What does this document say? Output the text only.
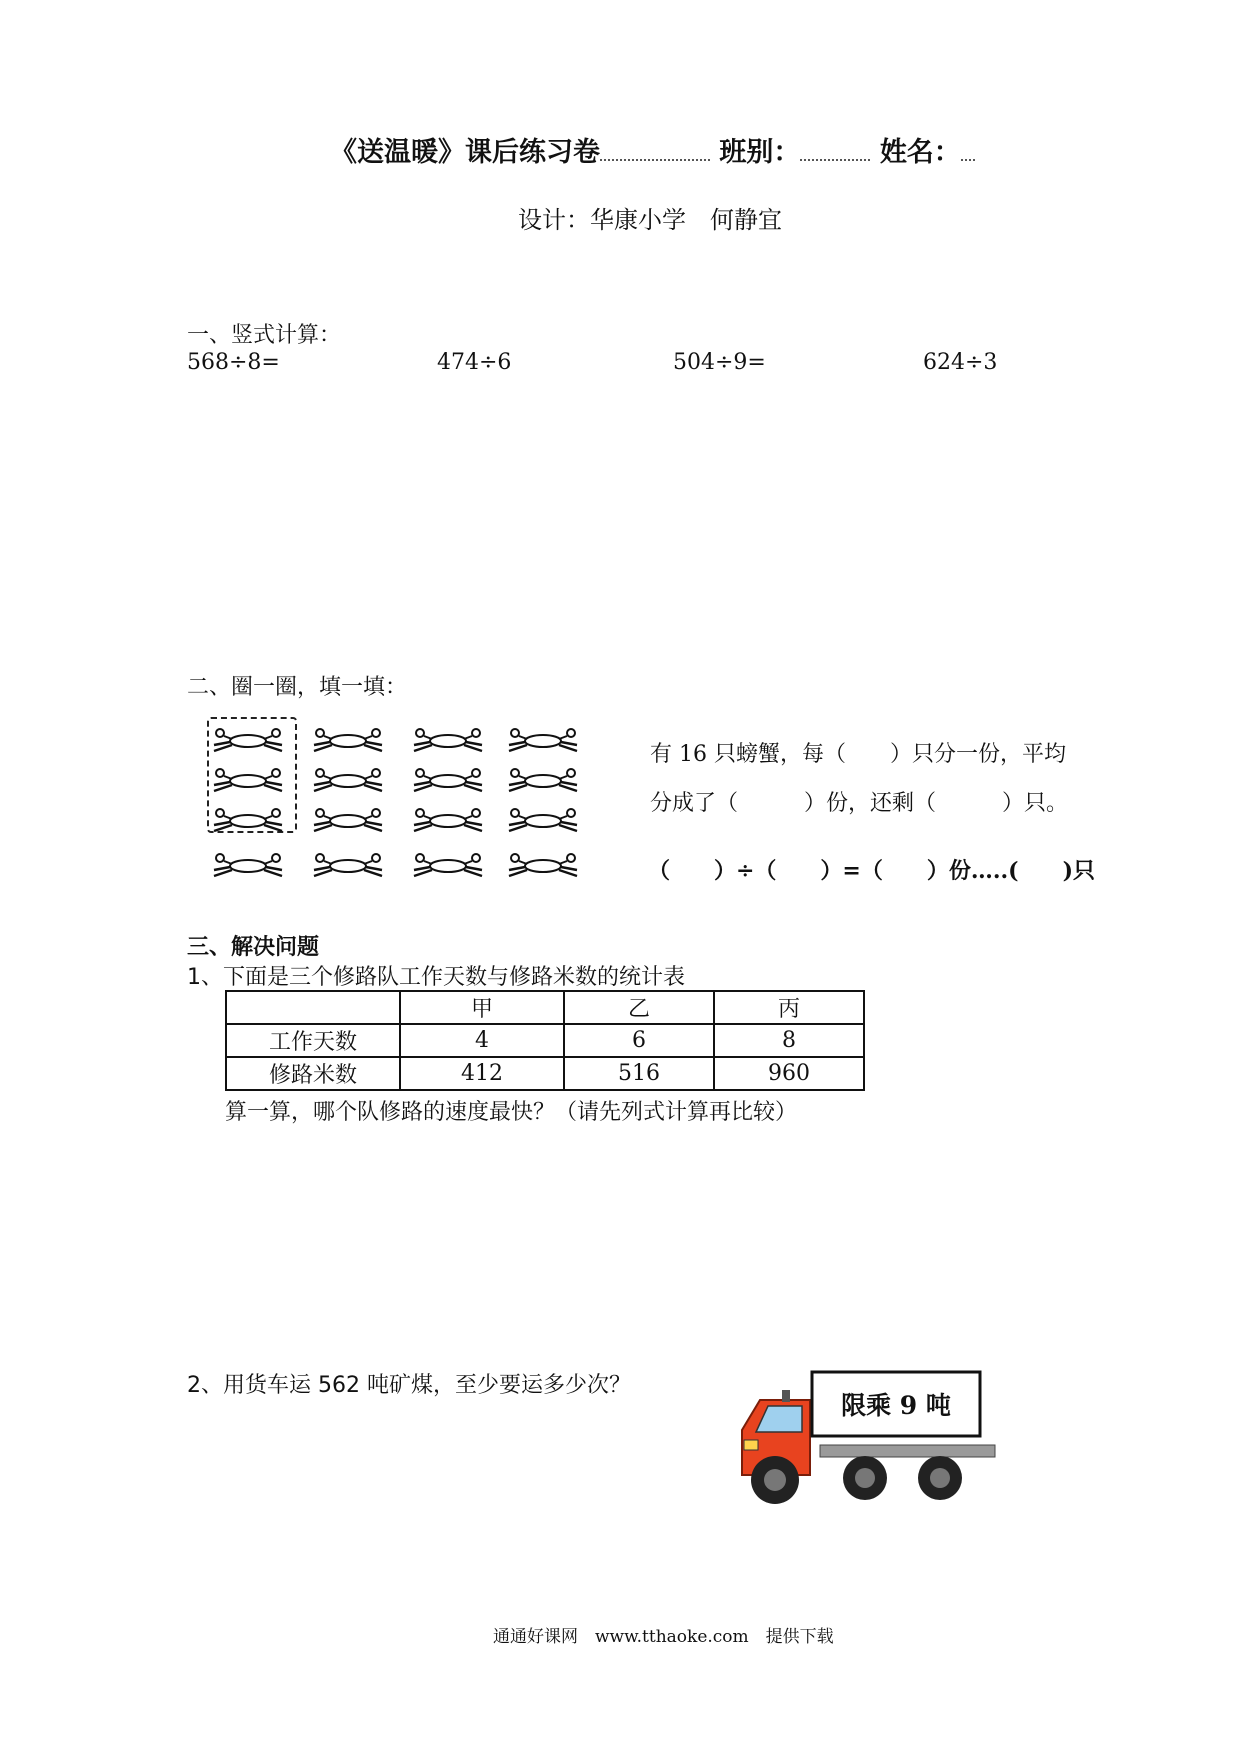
《送温暖》课后练习卷	班别：	姓名：
设计：华康小学　何静宜
一、竖式计算：
568÷8=	474÷6	504÷9=	624÷3
二、圈一圈，填一填：
有 16 只螃蟹，每（　　）只分一份，平均
分成了（　　　）份，还剩（　　　）只。
（　　）÷（　　）=（　　）份…..(　　)只
三、解决问题
1、下面是三个修路队工作天数与修路米数的统计表
	甲	乙	丙
工作天数	4	6	8
修路米数	412	516	960
算一算，哪个队修路的速度最快？（请先列式计算再比较）
2、用货车运 562 吨矿煤，至少要运多少次？
限乘 9 吨
通通好课网　www.tthaoke.com　提供下载
